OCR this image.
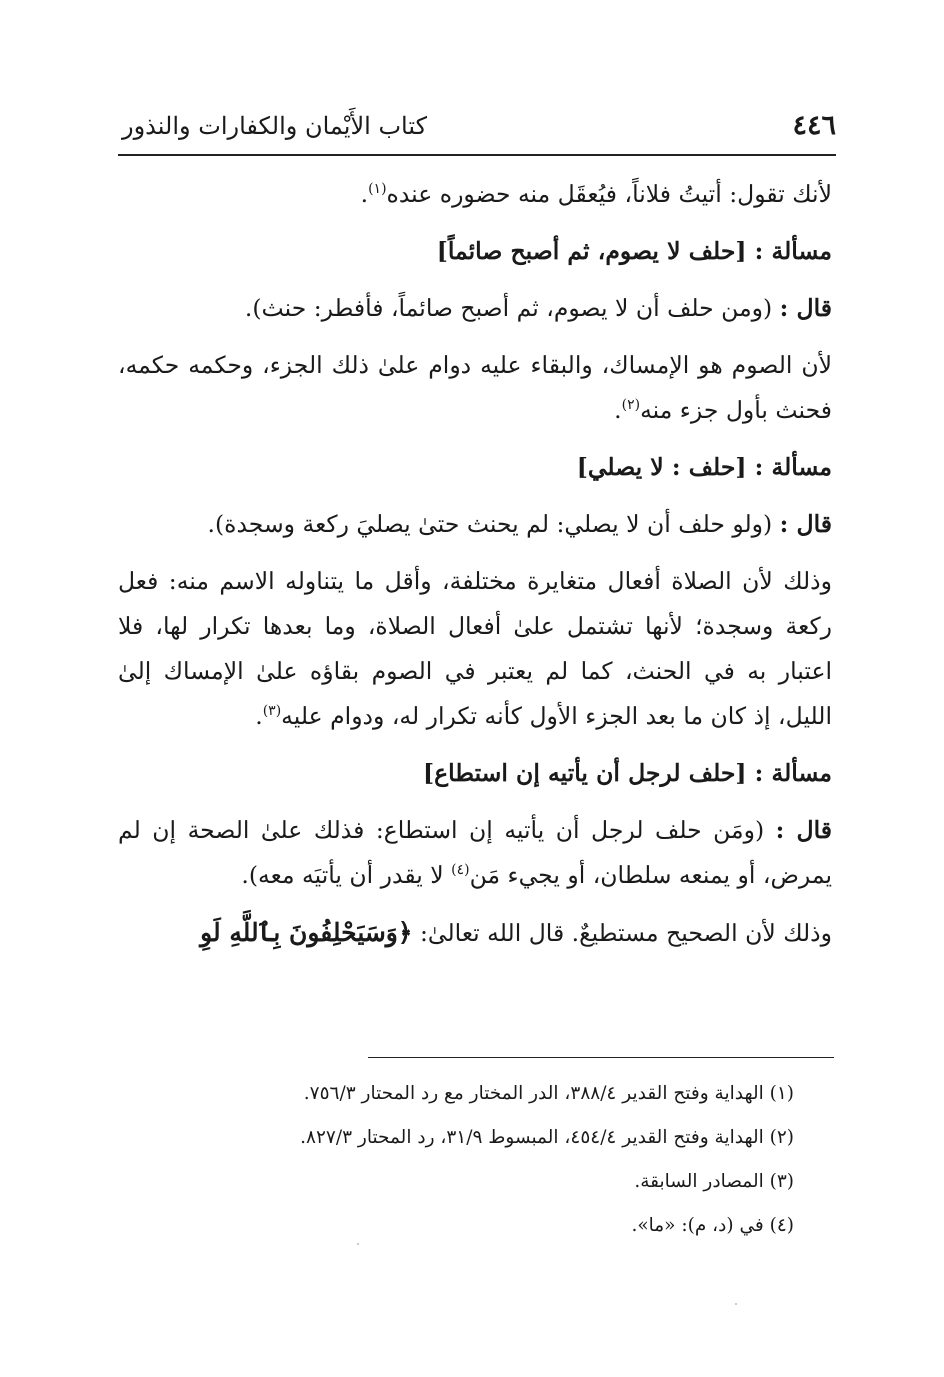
٤٤٦
كتاب الأَيْمان والكفارات والنذور

لأنك تقول: أتيتُ فلاناً، فيُعقَل منه حضوره عنده$^{(١)}$.

مسألة : [حلف لا يصوم، ثم أصبح صائماً]

قال : (ومن حلف أن لا يصوم، ثم أصبح صائماً، فأفطر: حنث).

لأن الصوم هو الإمساك، والبقاء عليه دوام علىٰ ذلك الجزء، وحكمه حكمه، فحنث بأول جزء منه$^{(٢)}$.

مسألة : [حلف : لا يصلي]

قال : (ولو حلف أن لا يصلي: لم يحنث حتىٰ يصليَ ركعة وسجدة).

وذلك لأن الصلاة أفعال متغايرة مختلفة، وأقل ما يتناوله الاسم منه: فعل ركعة وسجدة؛ لأنها تشتمل علىٰ أفعال الصلاة، وما بعدها تكرار لها، فلا اعتبار به في الحنث، كما لم يعتبر في الصوم بقاؤه علىٰ الإمساك إلىٰ الليل، إذ كان ما بعد الجزء الأول كأنه تكرار له، ودوام عليه$^{(٣)}$.

مسألة : [حلف لرجل أن يأتيه إن استطاع]

قال : (ومَن حلف لرجل أن يأتيه إن استطاع: فذلك علىٰ الصحة إن لم يمرض، أو يمنعه سلطان، أو يجيء مَن$^{(٤)}$ لا يقدر أن يأتيَه معه).

وذلك لأن الصحيح مستطيعٌ. قال الله تعالىٰ: ﴿وَسَيَحْلِفُونَ بِٱللَّهِ لَوِ

(١) الهداية وفتح القدير ٣٨٨/٤، الدر المختار مع رد المحتار ٧٥٦/٣.
(٢) الهداية وفتح القدير ٤٥٤/٤، المبسوط ٣١/٩، رد المحتار ٨٢٧/٣.
(٣) المصادر السابقة.
(٤) في (د، م): «ما».
